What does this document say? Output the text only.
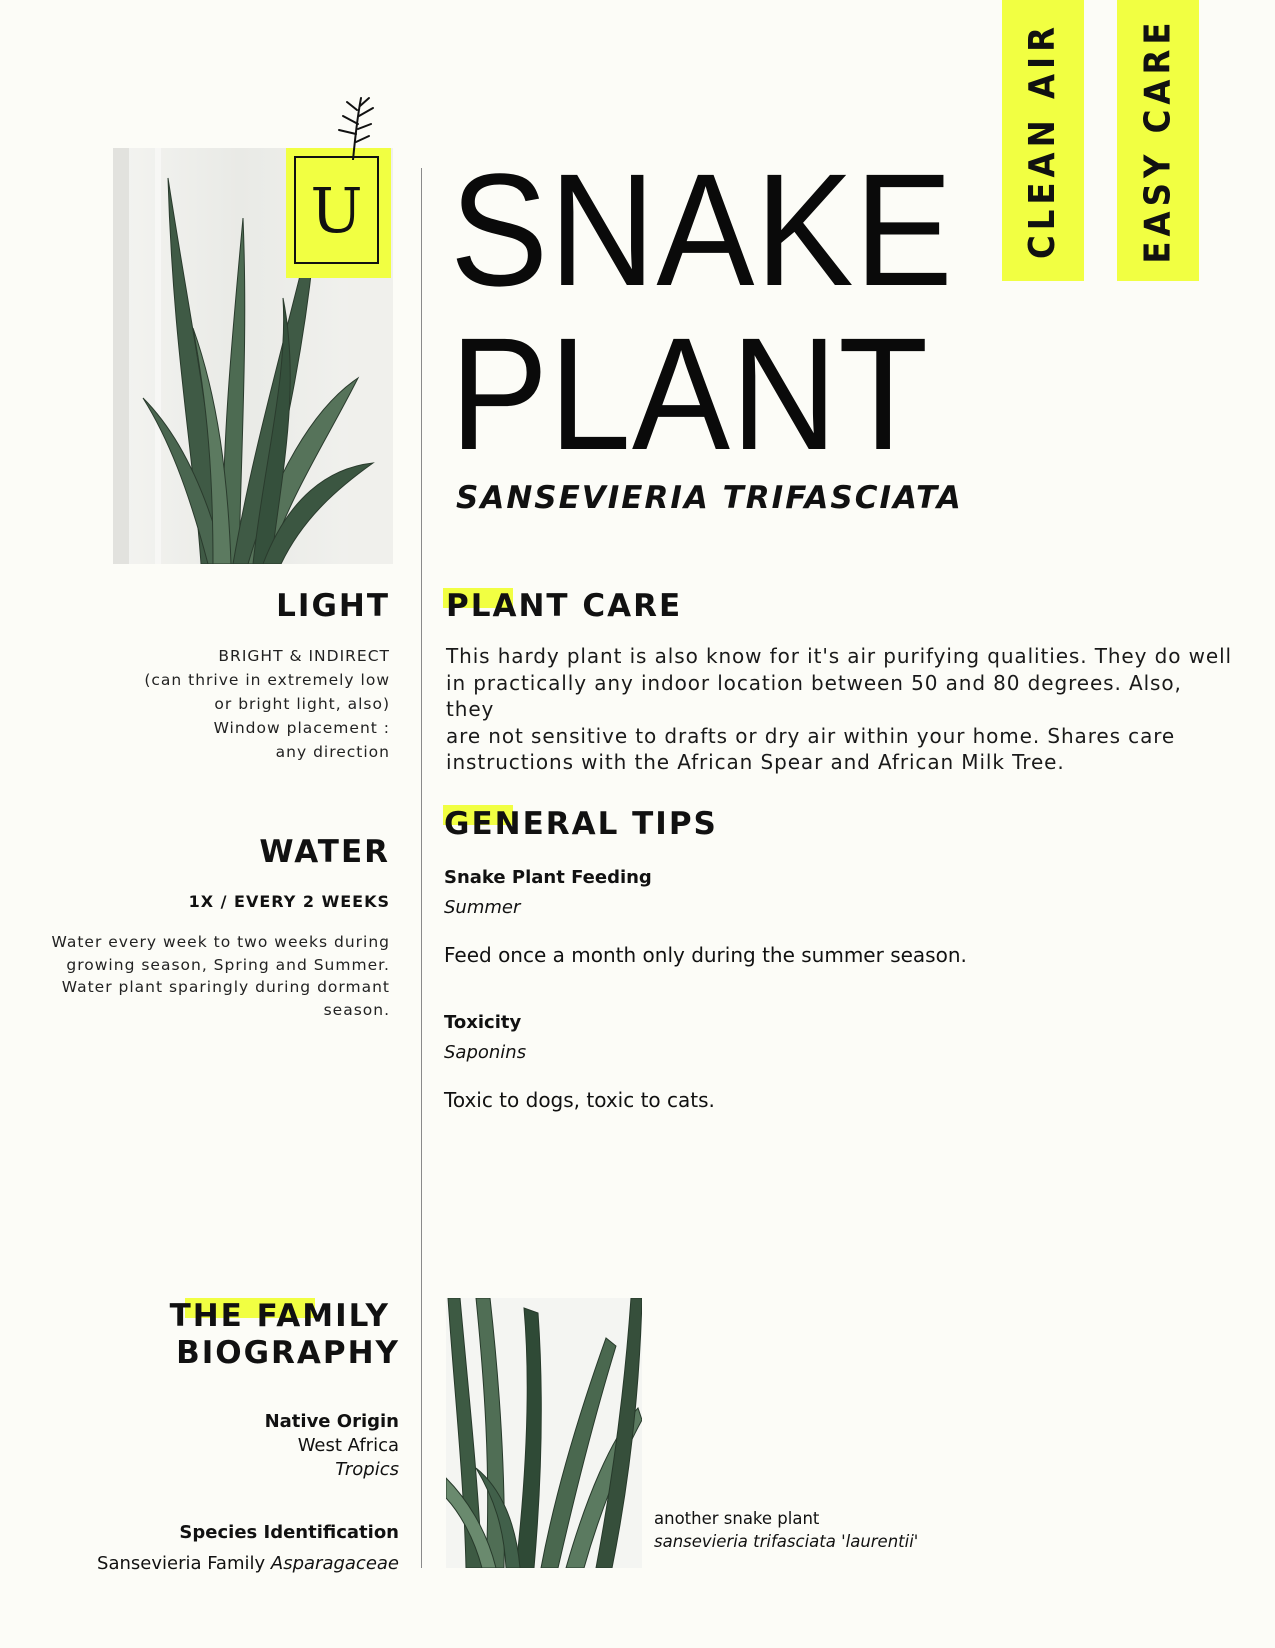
CLEAN AIR EASY CARE
U SNAKE
PLANT
SANSEVIERIA TRIFASCIATA
LIGHT
BRIGHT & INDIRECT
(can thrive in extremely low
or bright light, also)
Window placement :
any direction
WATER
1X / EVERY 2 WEEKS
Water every week to two weeks during
growing season, Spring and Summer.
Water plant sparingly during dormant
season.
PLANT CARE
This hardy plant is also know for it's air purifying qualities. They do well
in practically any indoor location between 50 and 80 degrees. Also, they
are not sensitive to drafts or dry air within your home. Shares care
instructions with the African Spear and African Milk Tree.
GENERAL TIPS
Snake Plant Feeding
Summer
Feed once a month only during the summer season.
Toxicity
Saponins
Toxic to dogs, toxic to cats.
THE FAMILY
BIOGRAPHY
Native Origin
West Africa
Tropics
Species Identification
Sansevieria Family Asparagaceae
another snake plant
sansevieria trifasciata 'laurentii'
